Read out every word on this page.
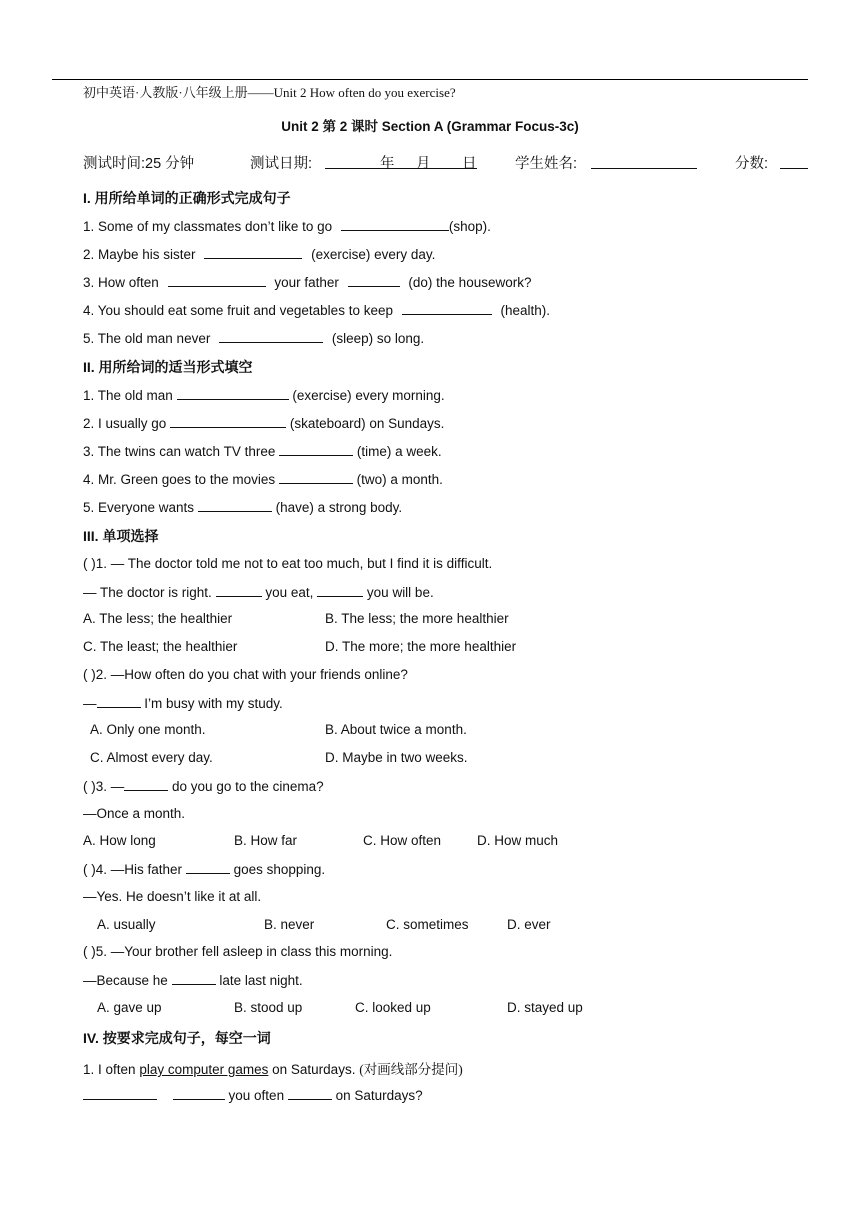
初中英语·人教版·八年级上册——Unit 2 How often do you exercise?
Unit 2 第 2 课时 Section A (Grammar Focus-3c)
测试时间:25 分钟	测试日期:	年 月 日	学生姓名:	分数:
I. 用所给单词的正确形式完成句子
1. Some of my classmates don’t like to go	(shop).
2. Maybe his sister	(exercise) every day.
3. How often	your father	(do) the housework?
4. You should eat some fruit and vegetables to keep	(health).
5. The old man never	(sleep) so long.
II. 用所给词的适当形式填空
1. The old man	(exercise) every morning.
2. I usually go	(skateboard) on Sundays.
3. The twins can watch TV three	(time) a week.
4. Mr. Green goes to the movies	(two) a month.
5. Everyone wants	(have) a strong body.
III. 单项选择
( )1. — The doctor told me not to eat too much, but I find it is difficult.
— The doctor is right.	you eat,	you will be.
A. The less; the healthier	B. The less; the more healthier
C. The least; the healthier	D. The more; the more healthier
( )2. —How often do you chat with your friends online?
—	I’m busy with my study.
A. Only one month.	B. About twice a month.
C. Almost every day.	D. Maybe in two weeks.
( )3. —	do you go to the cinema?
—Once a month.
A. How long	B. How far	C. How often	D. How much
( )4. —His father	goes shopping.
—Yes. He doesn’t like it at all.
A. usually	B. never	C. sometimes	D. ever
( )5. —Your brother fell asleep in class this morning.
—Because he	late last night.
A. gave up	B. stood up	C. looked up	D. stayed up
IV. 按要求完成句子，每空一词
1. I often play computer games on Saturdays. (对画线部分提问)
you often	on Saturdays?
